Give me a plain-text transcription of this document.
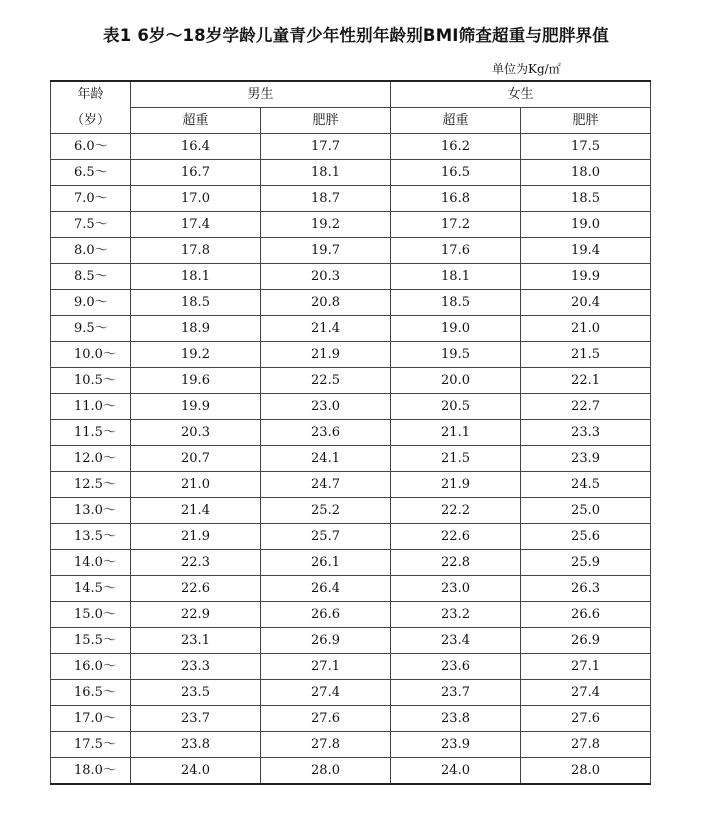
表1 6岁～18岁学龄儿童青少年性别年龄别BMI筛查超重与肥胖界值
单位为Kg/㎡
年龄	男生		女生	
（岁）	超重	肥胖	超重	肥胖
6.0～	16.4	17.7	16.2	17.5
6.5～	16.7	18.1	16.5	18.0
7.0～	17.0	18.7	16.8	18.5
7.5～	17.4	19.2	17.2	19.0
8.0～	17.8	19.7	17.6	19.4
8.5～	18.1	20.3	18.1	19.9
9.0～	18.5	20.8	18.5	20.4
9.5～	18.9	21.4	19.0	21.0
10.0～	19.2	21.9	19.5	21.5
10.5～	19.6	22.5	20.0	22.1
11.0～	19.9	23.0	20.5	22.7
11.5～	20.3	23.6	21.1	23.3
12.0～	20.7	24.1	21.5	23.9
12.5～	21.0	24.7	21.9	24.5
13.0～	21.4	25.2	22.2	25.0
13.5～	21.9	25.7	22.6	25.6
14.0～	22.3	26.1	22.8	25.9
14.5～	22.6	26.4	23.0	26.3
15.0～	22.9	26.6	23.2	26.6
15.5～	23.1	26.9	23.4	26.9
16.0～	23.3	27.1	23.6	27.1
16.5～	23.5	27.4	23.7	27.4
17.0～	23.7	27.6	23.8	27.6
17.5～	23.8	27.8	23.9	27.8
18.0～	24.0	28.0	24.0	28.0
